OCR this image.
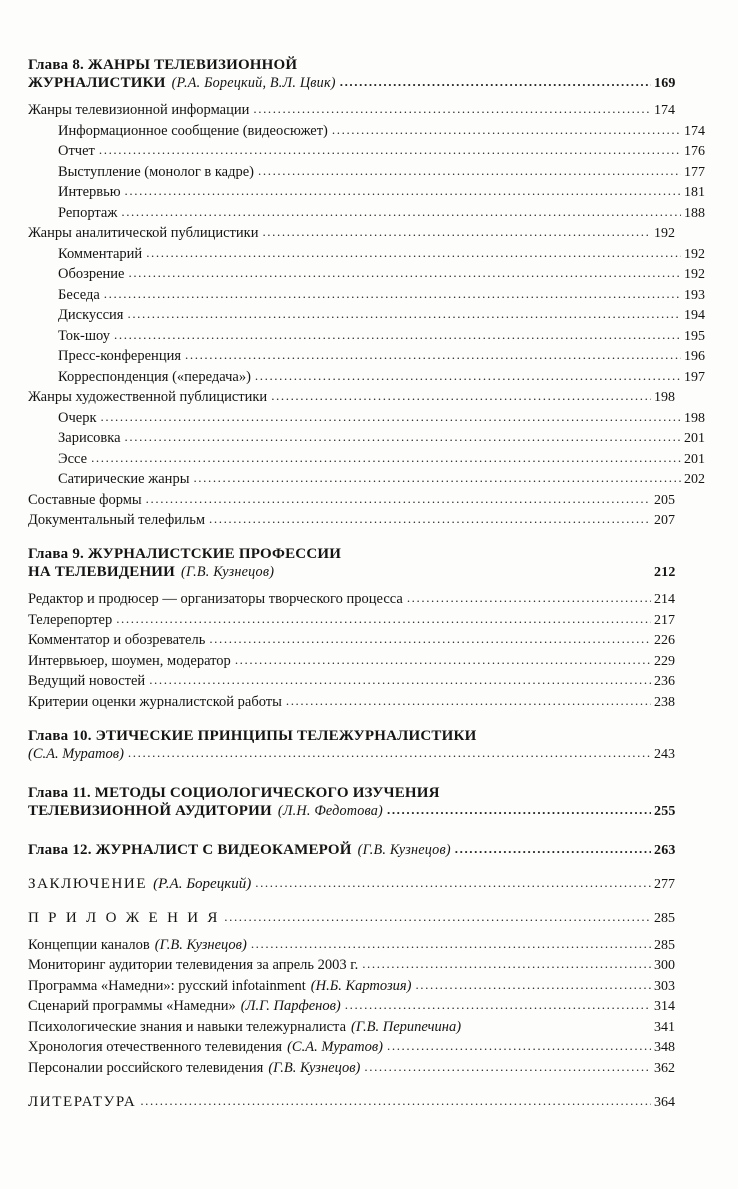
Глава 8. ЖАНРЫ ТЕЛЕВИЗИОННОЙ
ЖУРНАЛИСТИКИ (Р.А. Борецкий, В.Л. Цвик) .....	169
Жанры телевизионной информации .....	174
Информационное сообщение (видеосюжет) .....	174
Отчет .....	176
Выступление (монолог в кадре) .....	177
Интервью .....	181
Репортаж .....	188
Жанры аналитической публицистики .....	192
Комментарий .....	192
Обозрение .....	192
Беседа .....	193
Дискуссия .....	194
Ток-шоу .....	195
Пресс-конференция .....	196
Корреспонденция («передача») .....	197
Жанры художественной публицистики .....	198
Очерк .....	198
Зарисовка .....	201
Эссе .....	201
Сатирические жанры .....	202
Составные формы .....	205
Документальный телефильм .....	207
Глава 9. ЖУРНАЛИСТСКИЕ ПРОФЕССИИ
НА ТЕЛЕВИДЕНИИ (Г.В. Кузнецов)	212
Редактор и продюсер — организаторы творческого процесса .....	214
Телерепортер .....	217
Комментатор и обозреватель .....	226
Интервьюер, шоумен, модератор .....	229
Ведущий новостей .....	236
Критерии оценки журналистской работы .....	238
Глава 10. ЭТИЧЕСКИЕ ПРИНЦИПЫ ТЕЛЕЖУРНАЛИСТИКИ
(С.А. Муратов) .....	243
Глава 11. МЕТОДЫ СОЦИОЛОГИЧЕСКОГО ИЗУЧЕНИЯ
ТЕЛЕВИЗИОННОЙ АУДИТОРИИ (Л.Н. Федотова) .....	255
Глава 12. ЖУРНАЛИСТ С ВИДЕОКАМЕРОЙ (Г.В. Кузнецов) .....	263
ЗАКЛЮЧЕНИЕ (Р.А. Борецкий) .....	277
П Р И Л О Ж Е Н И Я .....	285
Концепции каналов (Г.В. Кузнецов) .....	285
Мониторинг аудитории телевидения за апрель 2003 г. .....	300
Программа «Намедни»: русский infotainment (Н.Б. Картозия) .....	303
Сценарий программы «Намедни» (Л.Г. Парфенов) .....	314
Психологические знания и навыки тележурналиста (Г.В. Перипечина)	341
Хронология отечественного телевидения (С.А. Муратов) .....	348
Персоналии российского телевидения (Г.В. Кузнецов) .....	362
ЛИТЕРАТУРА .....	364
